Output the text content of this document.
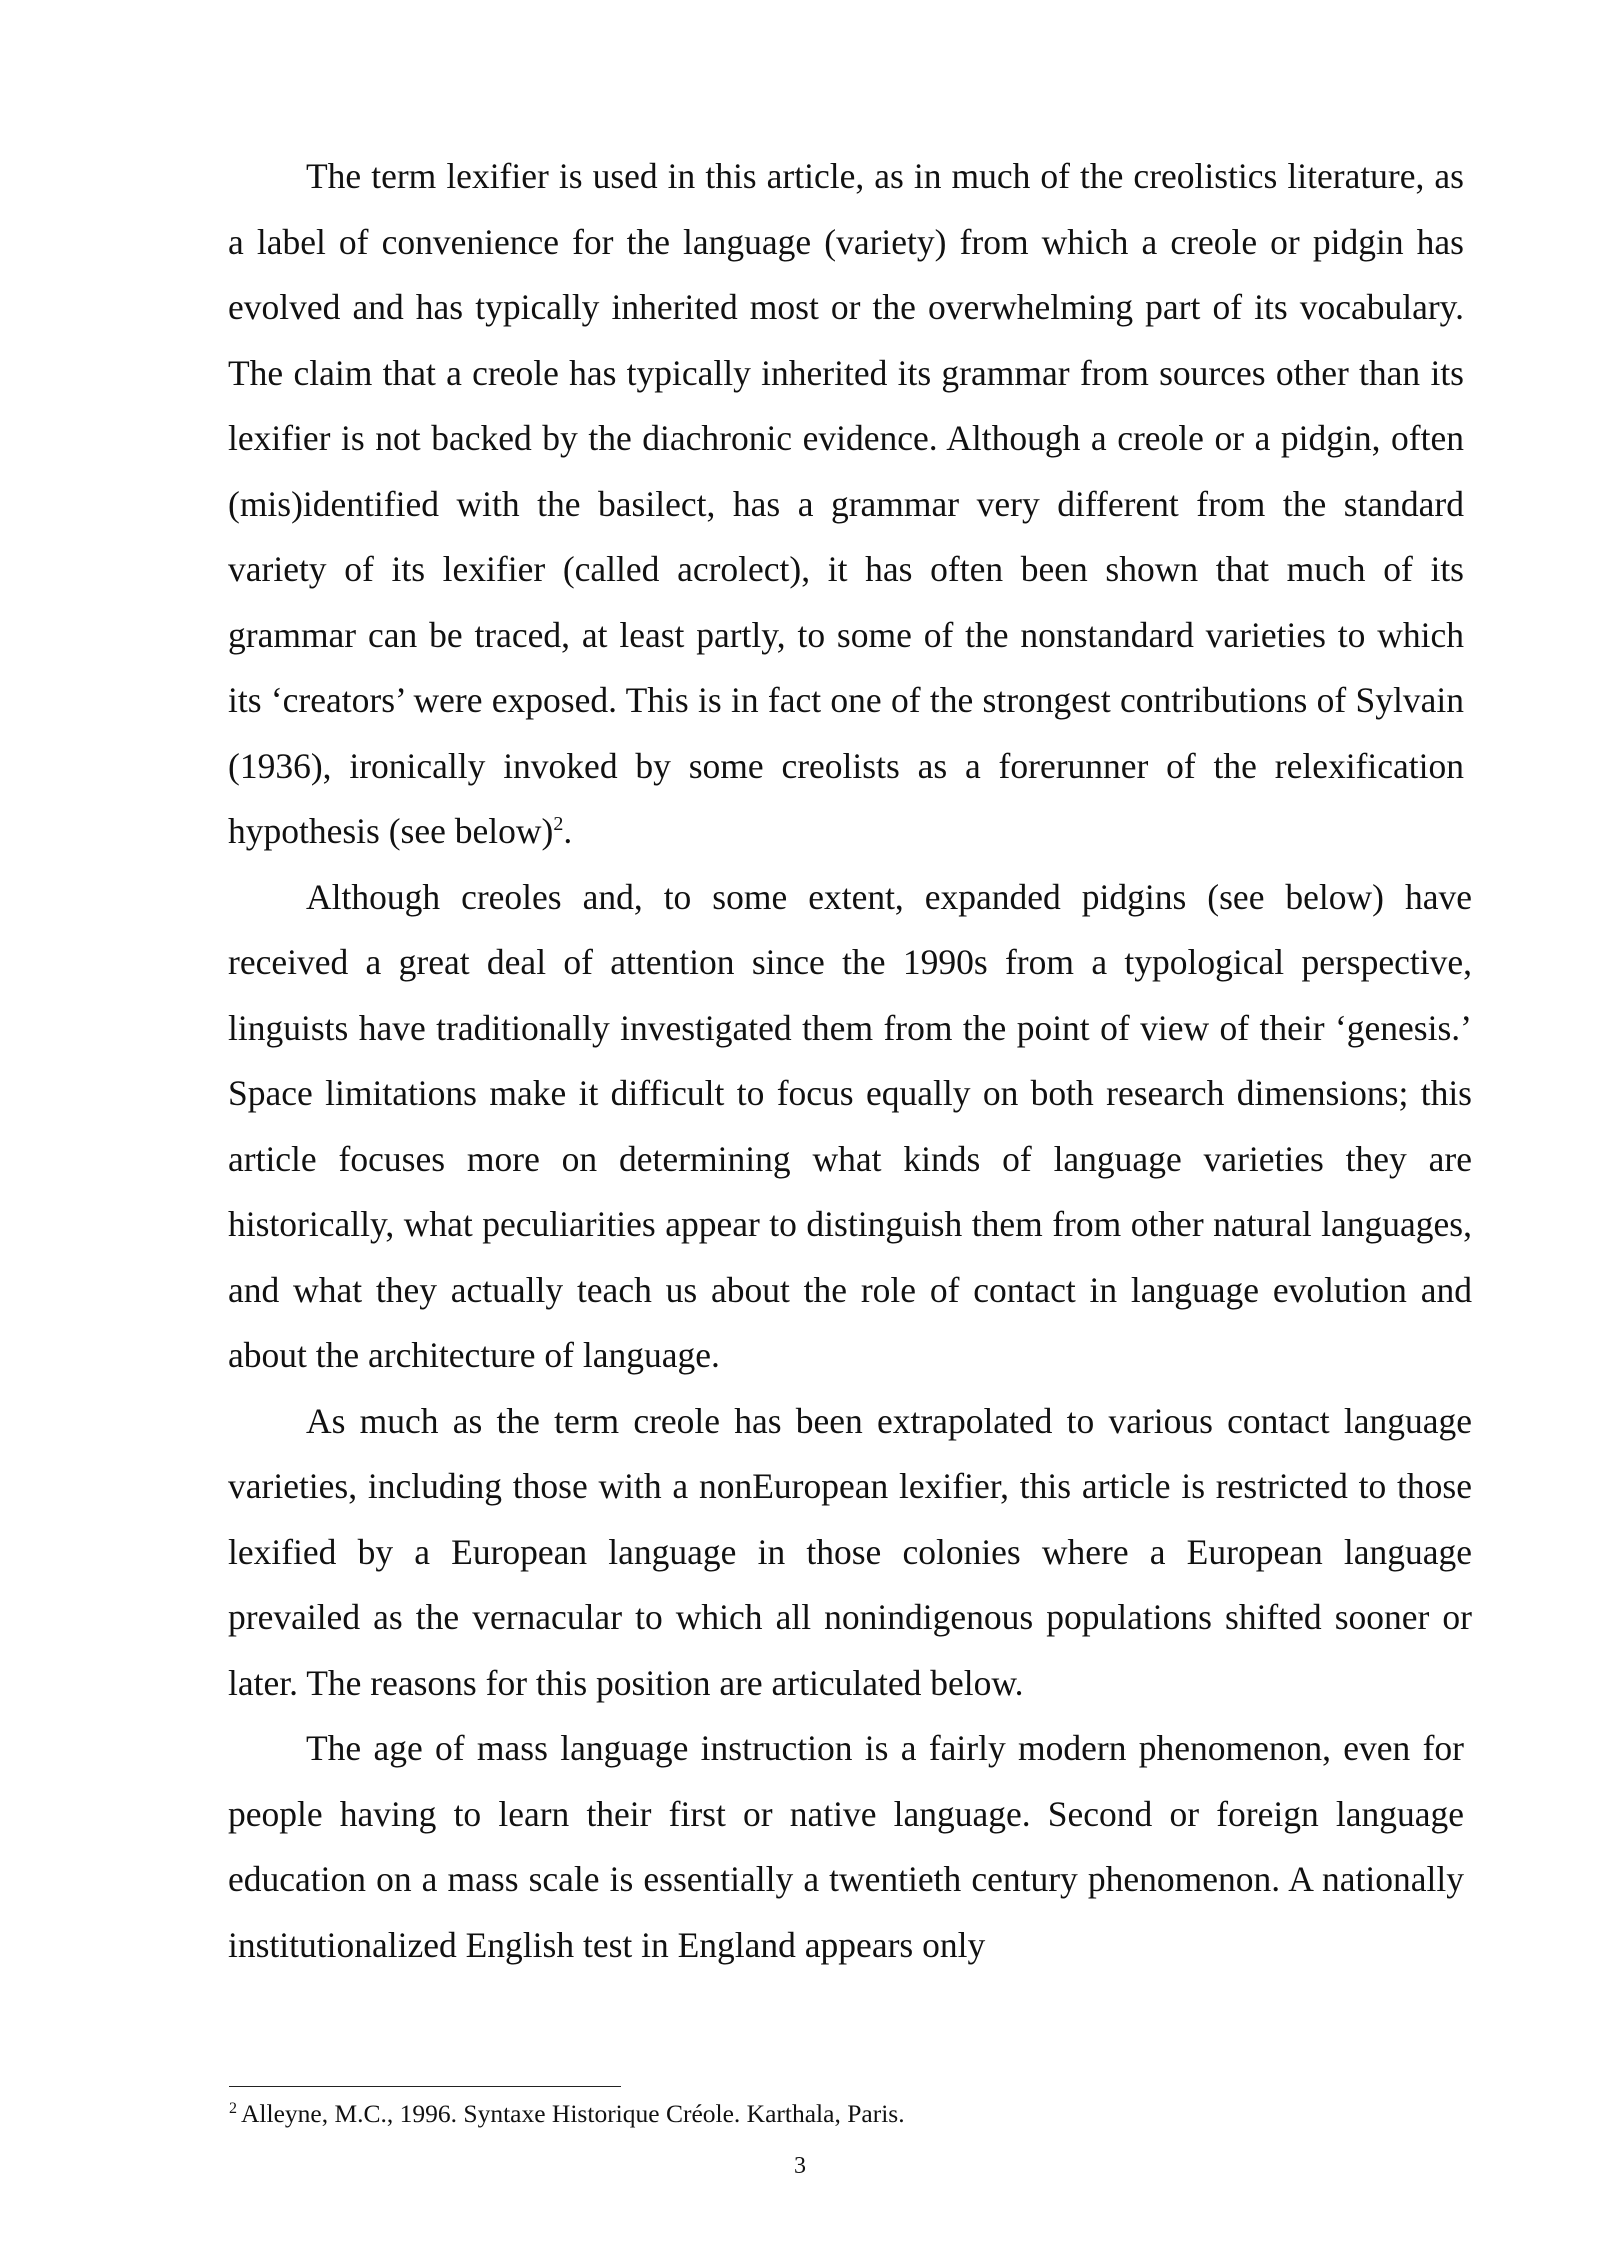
The term lexifier is used in this article, as in much of the creolistics literature, as a label of convenience for the language (variety) from which a creole or pidgin has evolved and has typically inherited most or the overwhelming part of its vocabulary. The claim that a creole has typically inherited its grammar from sources other than its lexifier is not backed by the diachronic evidence. Although a creole or a pidgin, often (mis)identified with the basilect, has a grammar very different from the standard variety of its lexifier (called acrolect), it has often been shown that much of its grammar can be traced, at least partly, to some of the nonstandard varieties to which its ‘creators’ were exposed. This is in fact one of the strongest contributions of Sylvain (1936), ironically invoked by some creolists as a forerunner of the relexification hypothesis (see below)$^2$.

Although creoles and, to some extent, expanded pidgins (see below) have received a great deal of attention since the 1990s from a typological perspective, linguists have traditionally investigated them from the point of view of their ‘genesis.’ Space limitations make it difficult to focus equally on both research dimensions; this article focuses more on determining what kinds of language varieties they are historically, what peculiarities appear to distinguish them from other natural languages, and what they actually teach us about the role of contact in language evolution and about the architecture of language.

As much as the term creole has been extrapolated to various contact language varieties, including those with a nonEuropean lexifier, this article is restricted to those lexified by a European language in those colonies where a European language prevailed as the vernacular to which all nonindigenous populations shifted sooner or later. The reasons for this position are articulated below.

The age of mass language instruction is a fairly modern phenomenon, even for people having to learn their first or native language. Second or foreign language education on a mass scale is essentially a twentieth century phenomenon. A nationally institutionalized English test in England appears only

$^2$ Alleyne, M.C., 1996. Syntaxe Historique Créole. Karthala, Paris.
3
